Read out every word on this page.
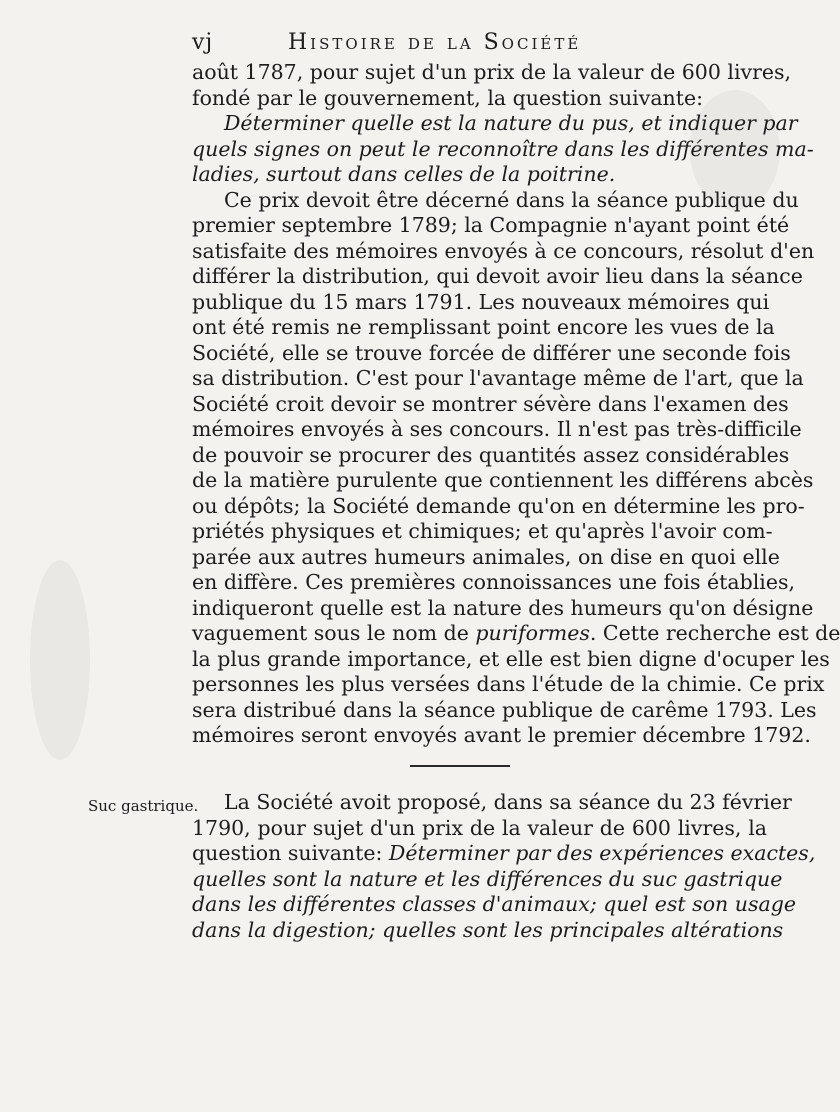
vj	Histoire de la Société
août 1787, pour sujet d'un prix de la valeur de 600 livres,
fondé par le gouvernement, la question suivante:
Déterminer quelle est la nature du pus, et indiquer par
quels signes on peut le reconnoître dans les différentes ma-
ladies, surtout dans celles de la poitrine.
Ce prix devoit être décerné dans la séance publique du
premier septembre 1789; la Compagnie n'ayant point été
satisfaite des mémoires envoyés à ce concours, résolut d'en
différer la distribution, qui devoit avoir lieu dans la séance
publique du 15 mars 1791. Les nouveaux mémoires qui
ont été remis ne remplissant point encore les vues de la
Société, elle se trouve forcée de différer une seconde fois
sa distribution. C'est pour l'avantage même de l'art, que la
Société croit devoir se montrer sévère dans l'examen des
mémoires envoyés à ses concours. Il n'est pas très-difficile
de pouvoir se procurer des quantités assez considérables
de la matière purulente que contiennent les différens abcès
ou dépôts; la Société demande qu'on en détermine les pro-
priétés physiques et chimiques; et qu'après l'avoir com-
parée aux autres humeurs animales, on dise en quoi elle
en diffère. Ces premières connoissances une fois établies,
indiqueront quelle est la nature des humeurs qu'on désigne
vaguement sous le nom de puriformes. Cette recherche est de
la plus grande importance, et elle est bien digne d'ocuper les
personnes les plus versées dans l'étude de la chimie. Ce prix
sera distribué dans la séance publique de carême 1793. Les
mémoires seront envoyés avant le premier décembre 1792.
Suc gastrique.	La Société avoit proposé, dans sa séance du 23 février
1790, pour sujet d'un prix de la valeur de 600 livres, la
question suivante: Déterminer par des expériences exactes,
quelles sont la nature et les différences du suc gastrique
dans les différentes classes d'animaux; quel est son usage
dans la digestion; quelles sont les principales altérations
